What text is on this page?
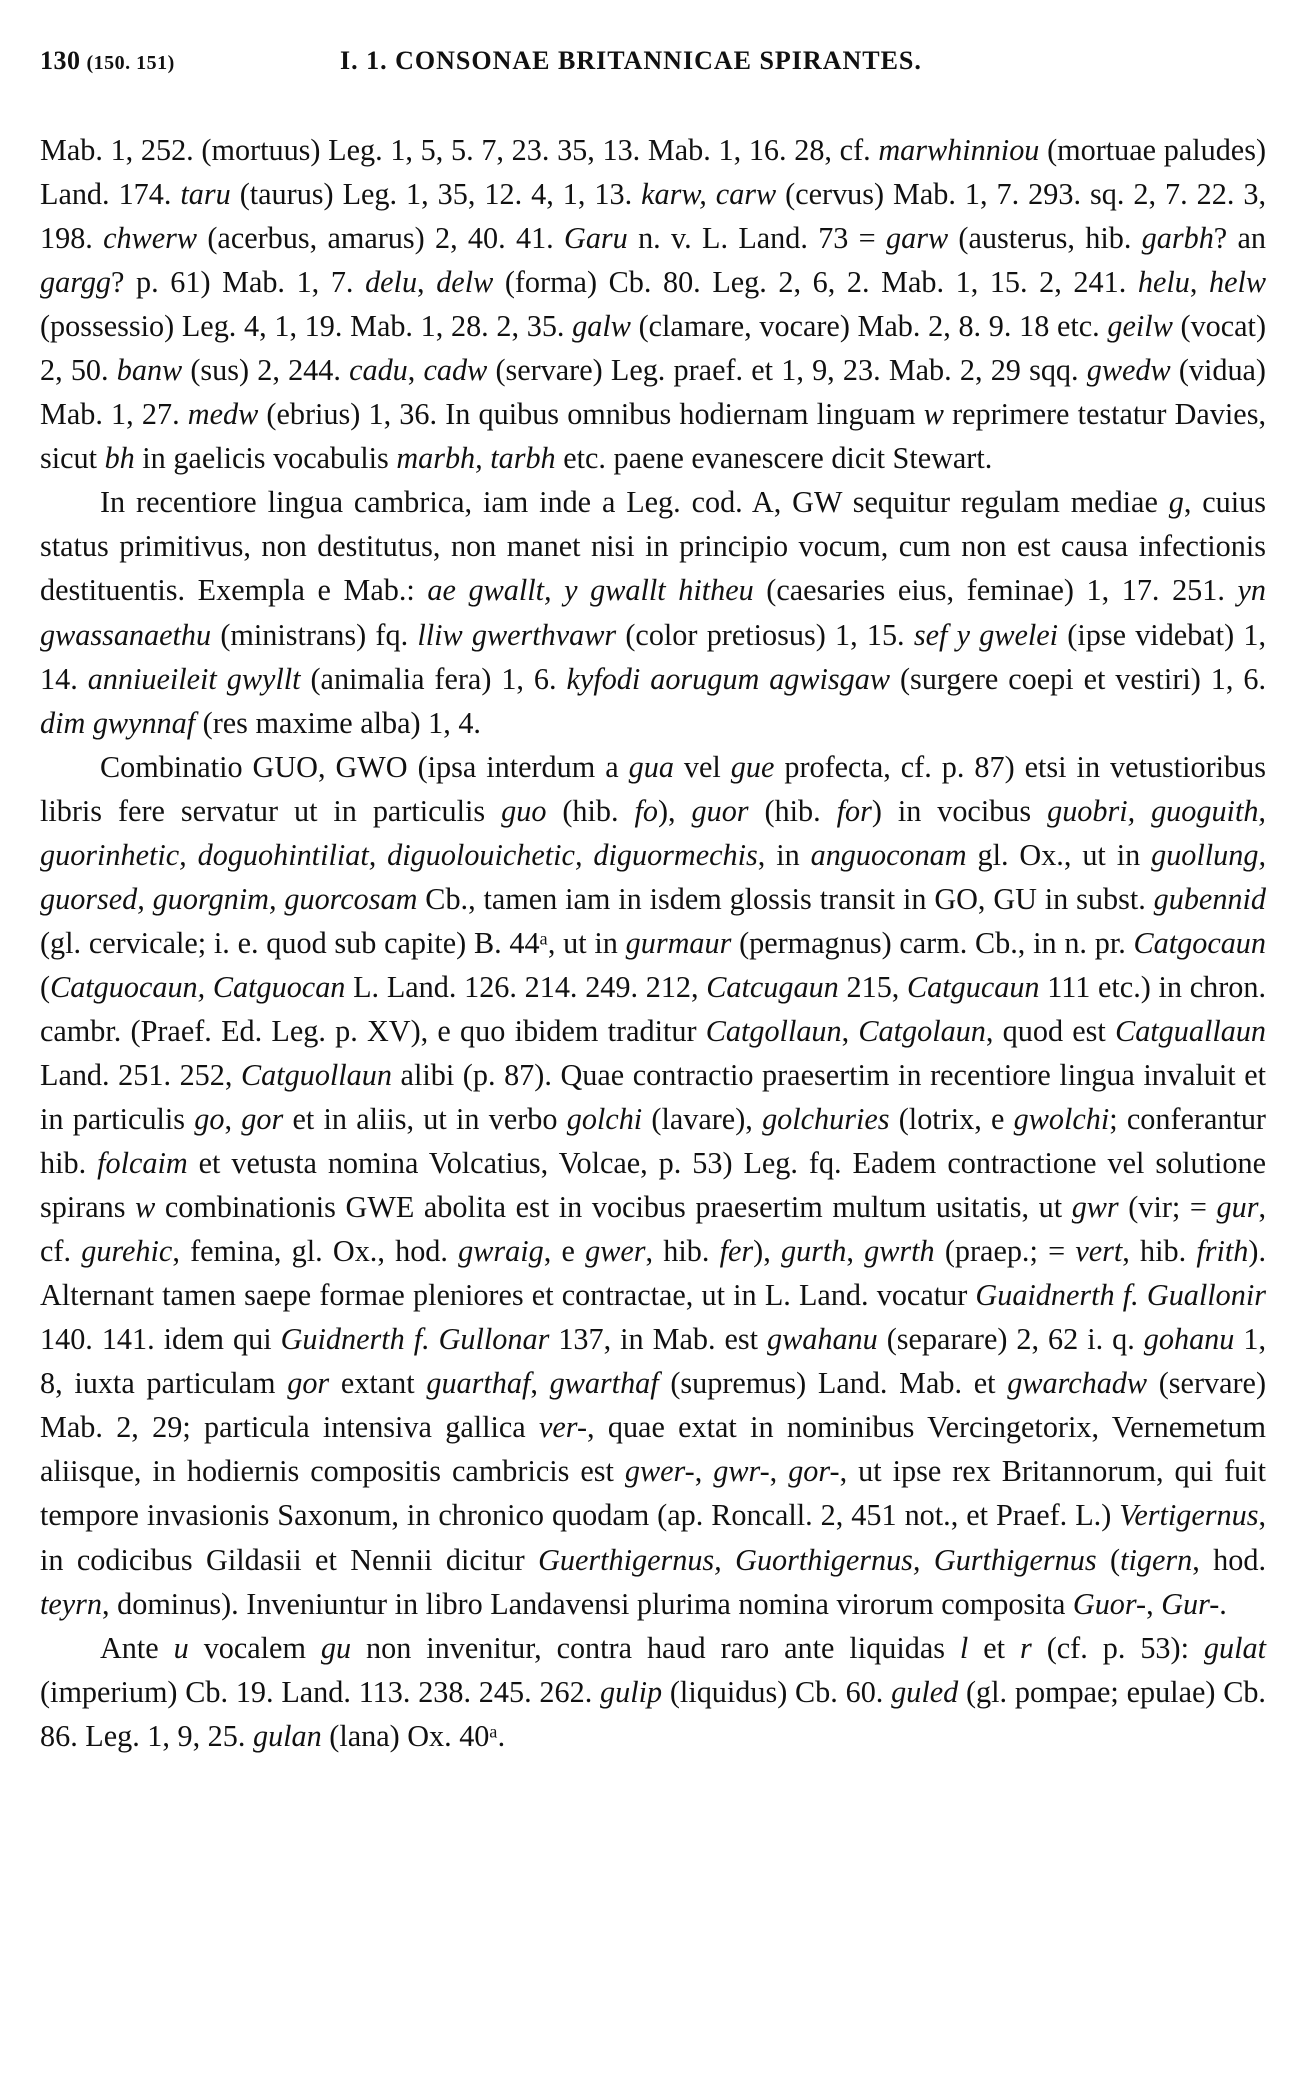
130 (150. 151)	I. 1. CONSONAE BRITANNICAE SPIRANTES.

Mab. 1, 252. (mortuus) Leg. 1, 5, 5. 7, 23. 35, 13. Mab. 1, 16. 28, cf. marwhinniou (mortuae paludes) Land. 174. taru (taurus) Leg. 1, 35, 12. 4, 1, 13. karw, carw (cervus) Mab. 1, 7. 293. sq. 2, 7. 22. 3, 198. chwerw (acerbus, amarus) 2, 40. 41. Garu n. v. L. Land. 73 = garw (austerus, hib. garbh? an gargg? p. 61) Mab. 1, 7. delu, delw (forma) Cb. 80. Leg. 2, 6, 2. Mab. 1, 15. 2, 241. helu, helw (possessio) Leg. 4, 1, 19. Mab. 1, 28. 2, 35. galw (clamare, vocare) Mab. 2, 8. 9. 18 etc. geilw (vocat) 2, 50. banw (sus) 2, 244. cadu, cadw (servare) Leg. praef. et 1, 9, 23. Mab. 2, 29 sqq. gwedw (vidua) Mab. 1, 27. medw (ebrius) 1, 36. In quibus omnibus hodiernam linguam w reprimere testatur Davies, sicut bh in gaelicis vocabulis marbh, tarbh etc. paene evanescere dicit Stewart.

In recentiore lingua cambrica, iam inde a Leg. cod. A, GW sequitur regulam mediae g, cuius status primitivus, non destitutus, non manet nisi in principio vocum, cum non est causa infectionis destituentis. Exempla e Mab.: ae gwallt, y gwallt hitheu (caesaries eius, feminae) 1, 17. 251. yn gwassanaethu (ministrans) fq. lliw gwerthvawr (color pretiosus) 1, 15. sef y gwelei (ipse videbat) 1, 14. anniueileit gwyllt (animalia fera) 1, 6. kyfodi aorugum agwisgaw (surgere coepi et vestiri) 1, 6. dim gwynnaf (res maxime alba) 1, 4.

Combinatio GUO, GWO (ipsa interdum a gua vel gue profecta, cf. p. 87) etsi in vetustioribus libris fere servatur ut in particulis guo (hib. fo), guor (hib. for) in vocibus guobri, guoguith, guorinhetic, doguohintiliat, diguolouichetic, diguormechis, in anguoconam gl. Ox., ut in guollung, guorsed, guorgnim, guorcosam Cb., tamen iam in isdem glossis transit in GO, GU in subst. gubennid (gl. cervicale; i. e. quod sub capite) B. 44ᵃ, ut in gurmaur (permagnus) carm. Cb., in n. pr. Catgocaun (Catguocaun, Catguocan L. Land. 126. 214. 249. 212, Catcugaun 215, Catgucaun 111 etc.) in chron. cambr. (Praef. Ed. Leg. p. XV), e quo ibidem traditur Catgollaun, Catgolaun, quod est Catguallaun Land. 251. 252, Catguollaun alibi (p. 87). Quae contractio praesertim in recentiore lingua invaluit et in particulis go, gor et in aliis, ut in verbo golchi (lavare), golchuries (lotrix, e gwolchi; conferantur hib. folcaim et vetusta nomina Volcatius, Volcae, p. 53) Leg. fq. Eadem contractione vel solutione spirans w combinationis GWE abolita est in vocibus praesertim multum usitatis, ut gwr (vir; = gur, cf. gurehic, femina, gl. Ox., hod. gwraig, e gwer, hib. fer), gurth, gwrth (praep.; = vert, hib. frith). Alternant tamen saepe formae pleniores et contractae, ut in L. Land. vocatur Guaidnerth f. Guallonir 140. 141. idem qui Guidnerth f. Gullonar 137, in Mab. est gwahanu (separare) 2, 62 i. q. gohanu 1, 8, iuxta particulam gor extant guarthaf, gwarthaf (supremus) Land. Mab. et gwarchadw (servare) Mab. 2, 29; particula intensiva gallica ver-, quae extat in nominibus Vercingetorix, Vernemetum aliisque, in hodiernis compositis cambricis est gwer-, gwr-, gor-, ut ipse rex Britannorum, qui fuit tempore invasionis Saxonum, in chronico quodam (ap. Roncall. 2, 451 not., et Praef. L.) Vertigernus, in codicibus Gildasii et Nennii dicitur Guerthigernus, Guorthigernus, Gurthigernus (tigern, hod. teyrn, dominus). Inveniuntur in libro Landavensi plurima nomina virorum composita Guor-, Gur-.

Ante u vocalem gu non invenitur, contra haud raro ante liquidas l et r (cf. p. 53): gulat (imperium) Cb. 19. Land. 113. 238. 245. 262. gulip (liquidus) Cb. 60. guled (gl. pompae; epulae) Cb. 86. Leg. 1, 9, 25. gulan (lana) Ox. 40ᵃ.
